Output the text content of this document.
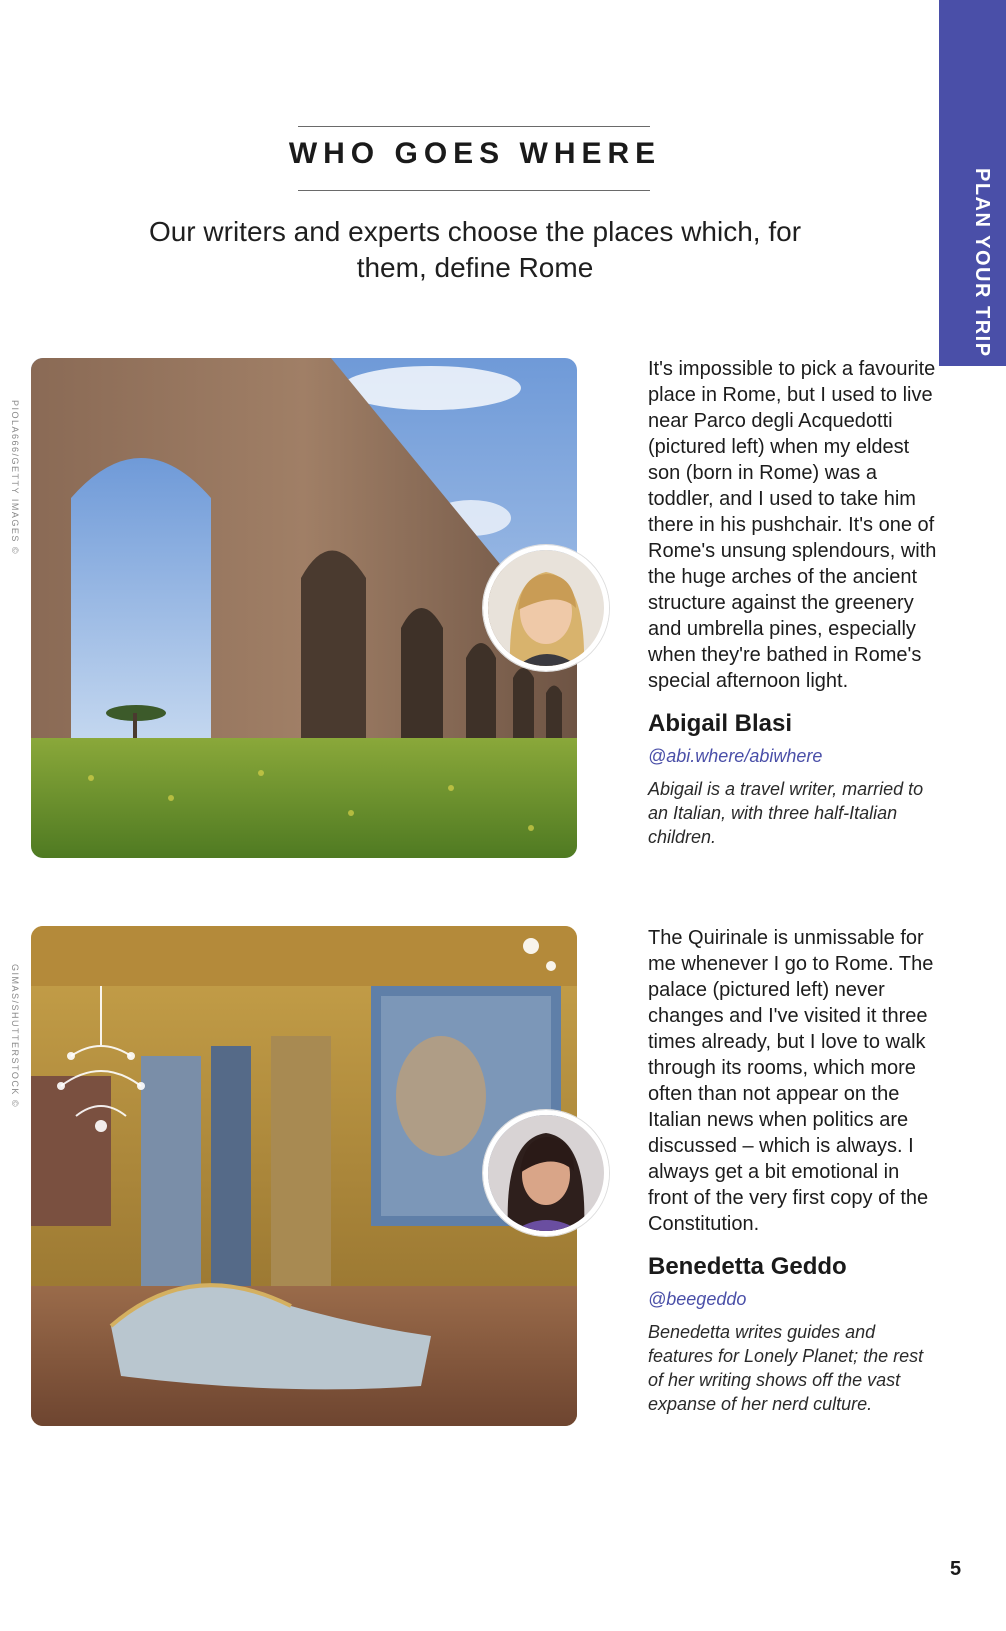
PLAN YOUR TRIP
WHO GOES WHERE
Our writers and experts choose the places which, for them, define Rome
PIOLA666/GETTY IMAGES ©

It's impossible to pick a favourite place in Rome, but I used to live near Parco degli Acquedotti (pictured left) when my eldest son (born in Rome) was a toddler, and I used to take him there in his pushchair. It's one of Rome's unsung splendours, with the huge arches of the ancient structure against the greenery and umbrella pines, especially when they're bathed in Rome's special afternoon light.

Abigail Blasi
@abi.where/abiwhere

Abigail is a travel writer, married to an Italian, with three half-Italian children.

GIMAS/SHUTTERSTOCK ©

The Quirinale is unmissable for me whenever I go to Rome. The palace (pictured left) never changes and I've visited it three times already, but I love to walk through its rooms, which more often than not appear on the Italian news when politics are discussed – which is always. I always get a bit emotional in front of the very first copy of the Constitution.

Benedetta Geddo
@beegeddo

Benedetta writes guides and features for Lonely Planet; the rest of her writing shows off the vast expanse of her nerd culture.

5
